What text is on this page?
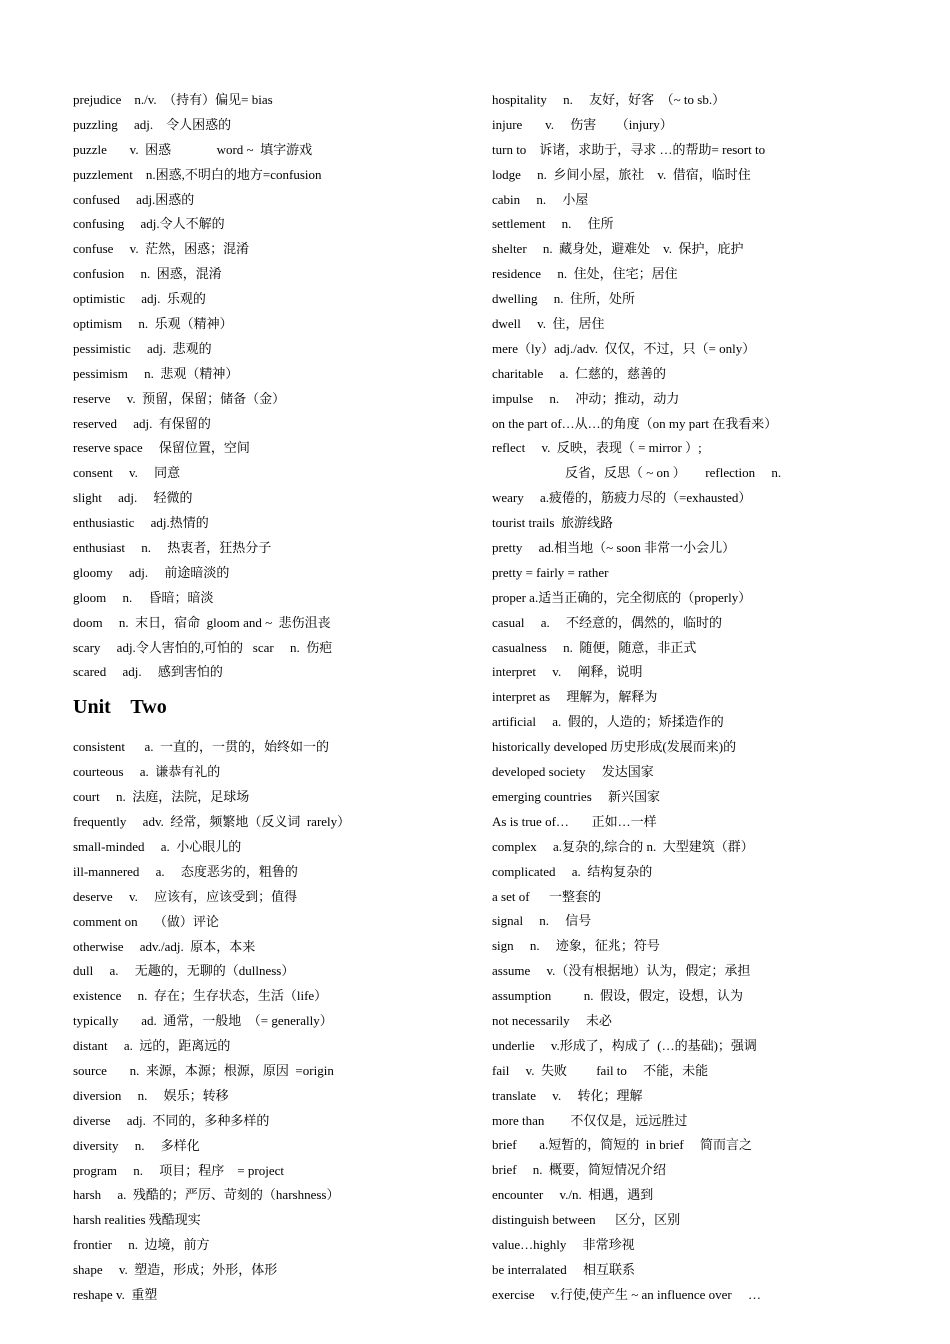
prejudice    n./v.  （持有）偏见= bias
puzzling     adj.    令人困惑的
puzzle       v.  困惑              word ~  填字游戏
puzzlement    n.困惑,不明白的地方=confusion
confused     adj.困惑的
confusing     adj.令人不解的
confuse     v.  茫然，困惑；混淆
confusion     n.  困惑，混淆
optimistic     adj.  乐观的
optimism     n.  乐观（精神）
pessimistic     adj.  悲观的
pessimism     n.  悲观（精神）
reserve     v.  预留，保留；储备（金）
reserved     adj.  有保留的
reserve space     保留位置，空间
consent     v.     同意
slight     adj.     轻微的
enthusiastic     adj.热情的
enthusiast     n.     热衷者，狂热分子
gloomy     adj.     前途暗淡的
gloom     n.     昏暗；暗淡
doom     n.  末日，宿命  gloom and ~  悲伤沮丧
scary     adj.令人害怕的,可怕的   scar     n.  伤疤
scared     adj.     感到害怕的
Unit    Two
consistent      a.  一直的，一贯的，始终如一的
courteous     a.  谦恭有礼的
court     n.  法庭，法院，足球场
frequently     adv.  经常，频繁地（反义词  rarely）
small-minded     a.  小心眼儿的
ill-mannered     a.     态度恶劣的，粗鲁的
deserve     v.     应该有，应该受到；值得
comment on     （做）评论
otherwise     adv./adj.  原本，本来
dull     a.     无趣的，无聊的（dullness）
existence     n.  存在；生存状态，生活（life）
typically       ad.  通常，一般地  （= generally）
distant     a.  远的，距离远的
source       n.  来源，本源；根源，原因  =origin
diversion     n.     娱乐；转移
diverse     adj.  不同的，多种多样的
diversity     n.     多样化
program     n.     项目；程序    = project
harsh     a.  残酷的；严厉、苛刻的（harshness）
harsh realities 残酷现实
frontier     n.  边境，前方
shape     v.  塑造，形成；外形，体形
reshape v.  重塑
hospitality     n.     友好，好客  （~ to sb.）
injure       v.     伤害      （injury）
turn to    诉诸，求助于，寻求 …的帮助= resort to
lodge     n.  乡间小屋，旅社    v.  借宿，临时住
cabin     n.     小屋
settlement     n.     住所
shelter     n.  藏身处，避难处    v.  保护，庇护
residence     n.  住处，住宅；居住
dwelling     n.  住所，处所
dwell     v.  住，居住
mere（ly）adj./adv.  仅仅，不过，只（= only）
charitable     a.  仁慈的，慈善的
impulse     n.     冲动；推动，动力
on the part of…从…的角度（on my part 在我看来）
reflect     v.  反映，表现（ = mirror ）;
反省，反思（ ~ on ）      reflection     n.
weary     a.疲倦的，筋疲力尽的（=exhausted）
tourist trails  旅游线路
pretty     ad.相当地（~ soon 非常一小会儿）
pretty = fairly = rather
proper a.适当正确的，完全彻底的（properly）
casual     a.     不经意的，偶然的，临时的
casualness     n.  随便，随意，非正式
interpret     v.     阐释，说明
interpret as     理解为，解释为
artificial     a.  假的，人造的；矫揉造作的
historically developed 历史形成(发展而来)的
developed society     发达国家
emerging countries     新兴国家
As is true of…       正如…一样
complex     a.复杂的,综合的 n.  大型建筑（群）
complicated     a.  结构复杂的
a set of      一整套的
signal     n.     信号
sign     n.     迹象，征兆；符号
assume     v.（没有根据地）认为，假定；承担
assumption          n.  假设，假定，设想，认为
not necessarily     未必
underlie     v.形成了，构成了  (…的基础)；强调
fail     v.  失败         fail to     不能，未能
translate     v.     转化；理解
more than        不仅仅是，远远胜过
brief       a.短暂的，简短的  in brief     简而言之
brief     n.  概要，简短情况介绍
encounter     v./n.  相遇，遇到
distinguish between      区分，区别
value…highly     非常珍视
be interralated     相互联系
exercise     v.行使,使产生 ~ an influence over     …
